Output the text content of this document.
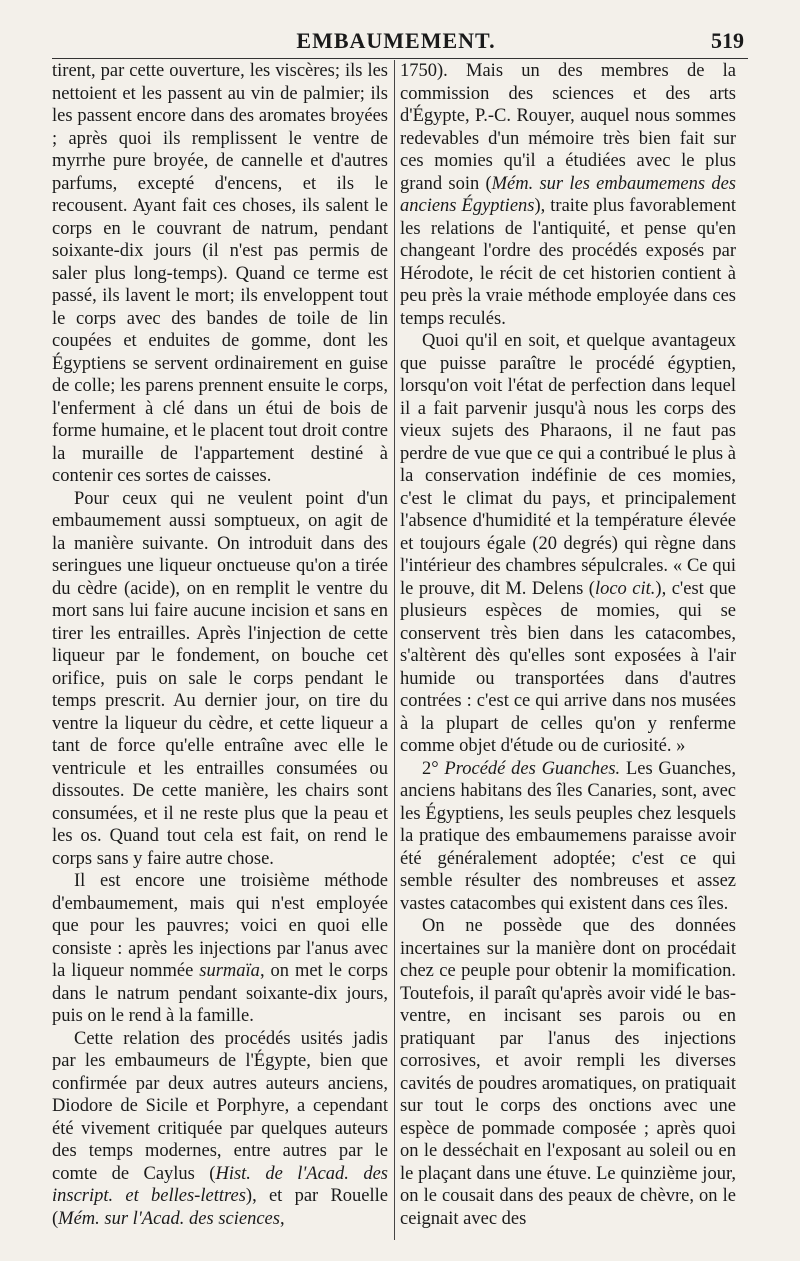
EMBAUMEMENT.	519

tirent, par cette ouverture, les viscères; ils les nettoient et les passent au vin de palmier; ils les passent encore dans des aromates broyées ; après quoi ils remplissent le ventre de myrrhe pure broyée, de cannelle et d'autres parfums, excepté d'encens, et ils le recousent. Ayant fait ces choses, ils salent le corps en le couvrant de natrum, pendant soixante-dix jours (il n'est pas permis de saler plus long-temps). Quand ce terme est passé, ils lavent le mort; ils enveloppent tout le corps avec des bandes de toile de lin coupées et enduites de gomme, dont les Égyptiens se servent ordinairement en guise de colle; les parens prennent ensuite le corps, l'enferment à clé dans un étui de bois de forme humaine, et le placent tout droit contre la muraille de l'appartement destiné à contenir ces sortes de caisses.

Pour ceux qui ne veulent point d'un embaumement aussi somptueux, on agit de la manière suivante. On introduit dans des seringues une liqueur onctueuse qu'on a tirée du cèdre (acide), on en remplit le ventre du mort sans lui faire aucune incision et sans en tirer les entrailles. Après l'injection de cette liqueur par le fondement, on bouche cet orifice, puis on sale le corps pendant le temps prescrit. Au dernier jour, on tire du ventre la liqueur du cèdre, et cette liqueur a tant de force qu'elle entraîne avec elle le ventricule et les entrailles consumées ou dissoutes. De cette manière, les chairs sont consumées, et il ne reste plus que la peau et les os. Quand tout cela est fait, on rend le corps sans y faire autre chose.

Il est encore une troisième méthode d'embaumement, mais qui n'est employée que pour les pauvres; voici en quoi elle consiste : après les injections par l'anus avec la liqueur nommée surmaïa, on met le corps dans le natrum pendant soixante-dix jours, puis on le rend à la famille.

Cette relation des procédés usités jadis par les embaumeurs de l'Égypte, bien que confirmée par deux autres auteurs anciens, Diodore de Sicile et Porphyre, a cependant été vivement critiquée par quelques auteurs des temps modernes, entre autres par le comte de Caylus (Hist. de l'Acad. des inscript. et belles-lettres), et par Rouelle (Mém. sur l'Acad. des sciences,

1750). Mais un des membres de la commission des sciences et des arts d'Égypte, P.-C. Rouyer, auquel nous sommes redevables d'un mémoire très bien fait sur ces momies qu'il a étudiées avec le plus grand soin (Mém. sur les embaumemens des anciens Égyptiens), traite plus favorablement les relations de l'antiquité, et pense qu'en changeant l'ordre des procédés exposés par Hérodote, le récit de cet historien contient à peu près la vraie méthode employée dans ces temps reculés.

Quoi qu'il en soit, et quelque avantageux que puisse paraître le procédé égyptien, lorsqu'on voit l'état de perfection dans lequel il a fait parvenir jusqu'à nous les corps des vieux sujets des Pharaons, il ne faut pas perdre de vue que ce qui a contribué le plus à la conservation indéfinie de ces momies, c'est le climat du pays, et principalement l'absence d'humidité et la température élevée et toujours égale (20 degrés) qui règne dans l'intérieur des chambres sépulcrales. « Ce qui le prouve, dit M. Delens (loco cit.), c'est que plusieurs espèces de momies, qui se conservent très bien dans les catacombes, s'altèrent dès qu'elles sont exposées à l'air humide ou transportées dans d'autres contrées : c'est ce qui arrive dans nos musées à la plupart de celles qu'on y renferme comme objet d'étude ou de curiosité. »

2° Procédé des Guanches. Les Guanches, anciens habitans des îles Canaries, sont, avec les Égyptiens, les seuls peuples chez lesquels la pratique des embaumemens paraisse avoir été généralement adoptée; c'est ce qui semble résulter des nombreuses et assez vastes catacombes qui existent dans ces îles.

On ne possède que des données incertaines sur la manière dont on procédait chez ce peuple pour obtenir la momification. Toutefois, il paraît qu'après avoir vidé le bas-ventre, en incisant ses parois ou en pratiquant par l'anus des injections corrosives, et avoir rempli les diverses cavités de poudres aromatiques, on pratiquait sur tout le corps des onctions avec une espèce de pommade composée ; après quoi on le desséchait en l'exposant au soleil ou en le plaçant dans une étuve. Le quinzième jour, on le cousait dans des peaux de chèvre, on le ceignait avec des
